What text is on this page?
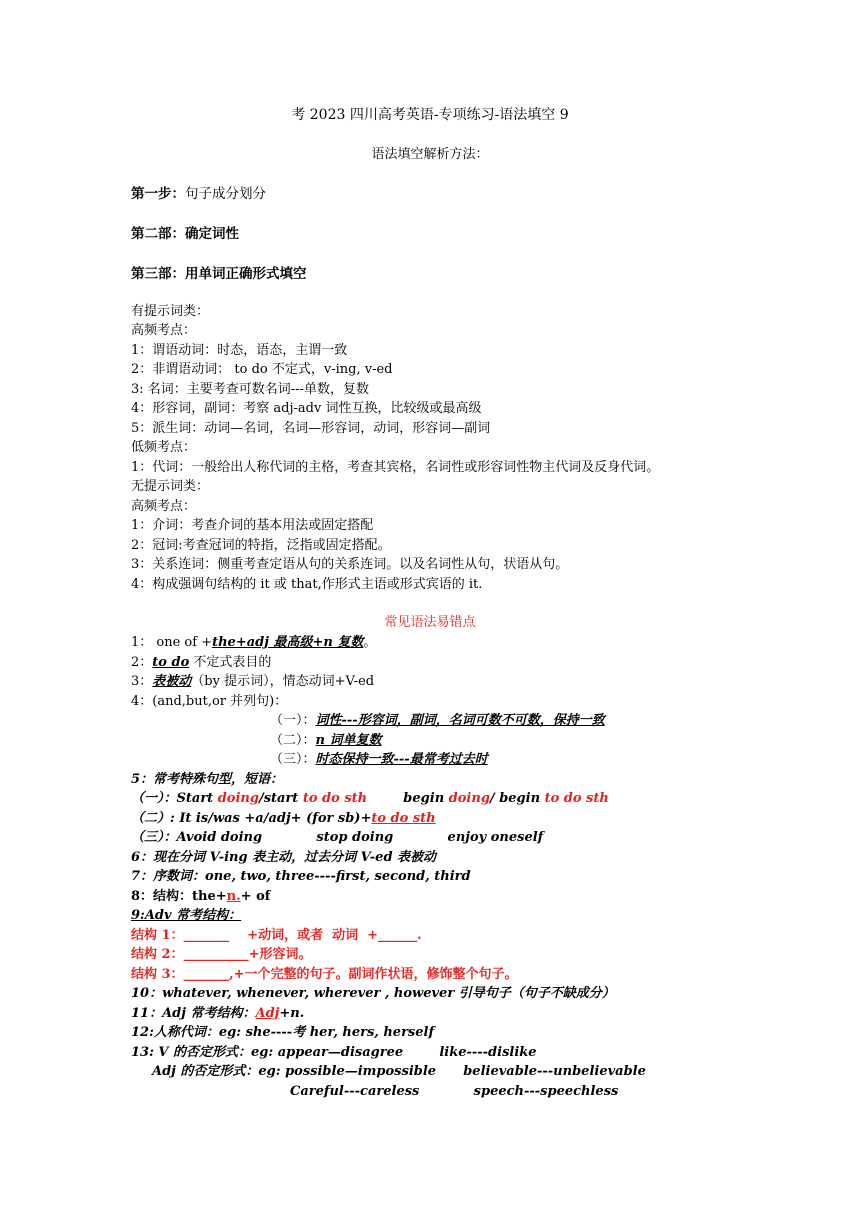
考 2023 四川高考英语-专项练习-语法填空 9
语法填空解析方法：
第一步：句子成分划分
第二部：确定词性
第三部：用单词正确形式填空
有提示词类：
高频考点：
1：谓语动词：时态，语态，主谓一致
2：非谓语动词： to do 不定式，v-ing, v-ed
3: 名词：主要考查可数名词---单数，复数
4：形容词，副词：考察 adj-adv 词性互换，比较级或最高级
5：派生词：动词—名词，名词—形容词，动词，形容词—副词
低频考点：
1：代词：一般给出人称代词的主格，考查其宾格，名词性或形容词性物主代词及反身代词。
无提示词类：
高频考点：
1：介词：考查介词的基本用法或固定搭配
2：冠词:考查冠词的特指，泛指或固定搭配。
3：关系连词：侧重考查定语从句的关系连词。以及名词性从句，状语从句。
4：构成强调句结构的 it 或 that,作形式主语或形式宾语的 it.
常见语法易错点
1： one of +the+adj 最高级+n 复数。
2：to do 不定式表目的
3：表被动（by 提示词），情态动词+V-ed
4：(and,but,or 并列句)：
（一）：词性---形容词，副词，名词可数不可数，保持一致
（二）：n 词单复数
（三）：时态保持一致---最常考过去时
5：常考特殊句型，短语：
（一）：Start doing/start to do sth        begin doing/ begin to do sth
（二）: It is/was +a/adj+ (for sb)+to do sth
（三）：Avoid doing            stop doing            enjoy oneself
6：现在分词 V-ing 表主动，过去分词 V-ed 表被动
7：序数词：one, two, three----first, second, third
8：结构：the+n.+ of
9:Adv 常考结构：
结构 1：_______    +动词，或者  动词  +______.
结构 2：__________+形容词。
结构 3：_______,+一个完整的句子。副词作状语，修饰整个句子。
10：whatever, whenever, wherever , however 引导句子（句子不缺成分）
11：Adj 常考结构：Adj+n.
12:人称代词：eg: she----考 her, hers, herself
13: V 的否定形式：eg: appear—disagree        like----dislike
Adj 的否定形式：eg: possible—impossible      believable---unbelievable
Careful---careless            speech---speechless
